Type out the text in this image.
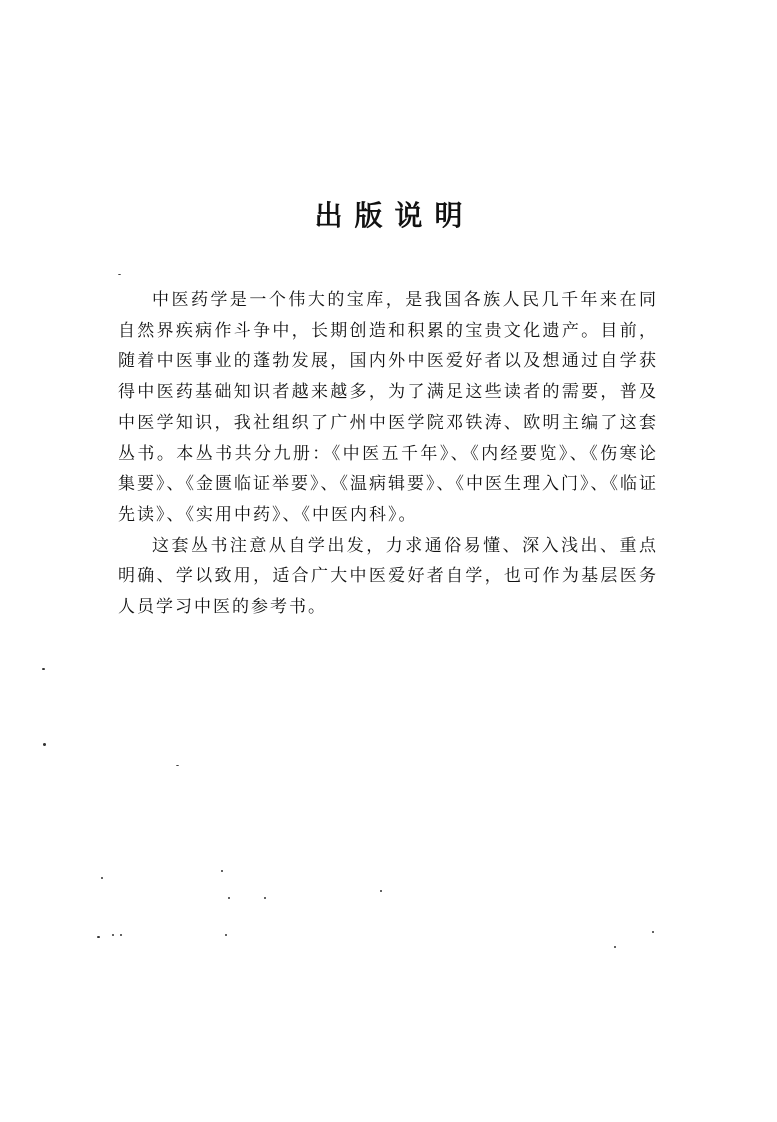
出版说明

中医药学是一个伟大的宝库，是我国各族人民几千年来在同自然界疾病作斗争中，长期创造和积累的宝贵文化遗产。目前，随着中医事业的蓬勃发展，国内外中医爱好者以及想通过自学获得中医药基础知识者越来越多，为了满足这些读者的需要，普及中医学知识，我社组织了广州中医学院邓铁涛、欧明主编了这套丛书。本丛书共分九册：《中医五千年》、《内经要览》、《伤寒论集要》、《金匮临证举要》、《温病辑要》、《中医生理入门》、《临证先读》、《实用中药》、《中医内科》。

这套丛书注意从自学出发，力求通俗易懂、深入浅出、重点明确、学以致用，适合广大中医爱好者自学，也可作为基层医务人员学习中医的参考书。
